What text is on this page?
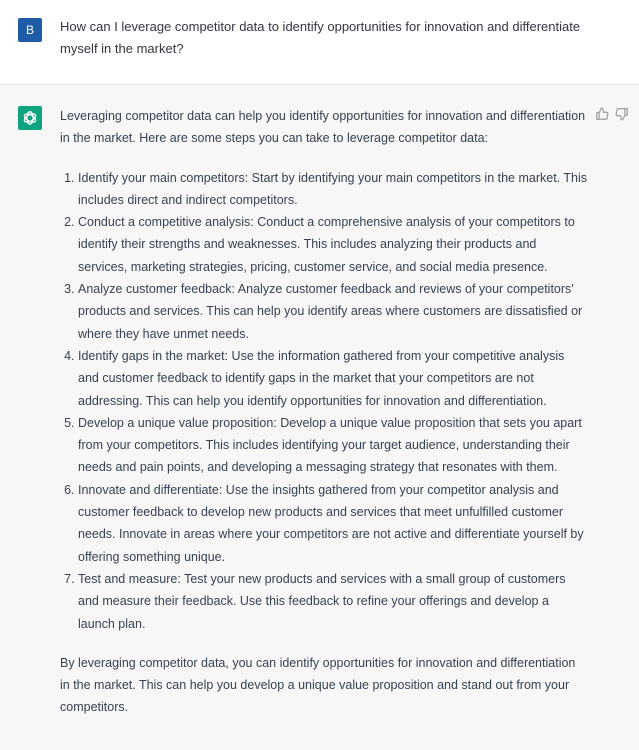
B	How can I leverage competitor data to identify opportunities for innovation and differentiate myself in the market?

Leveraging competitor data can help you identify opportunities for innovation and differentiation in the market. Here are some steps you can take to leverage competitor data:

1. Identify your main competitors: Start by identifying your main competitors in the market. This includes direct and indirect competitors.
2. Conduct a competitive analysis: Conduct a comprehensive analysis of your competitors to identify their strengths and weaknesses. This includes analyzing their products and services, marketing strategies, pricing, customer service, and social media presence.
3. Analyze customer feedback: Analyze customer feedback and reviews of your competitors' products and services. This can help you identify areas where customers are dissatisfied or where they have unmet needs.
4. Identify gaps in the market: Use the information gathered from your competitive analysis and customer feedback to identify gaps in the market that your competitors are not addressing. This can help you identify opportunities for innovation and differentiation.
5. Develop a unique value proposition: Develop a unique value proposition that sets you apart from your competitors. This includes identifying your target audience, understanding their needs and pain points, and developing a messaging strategy that resonates with them.
6. Innovate and differentiate: Use the insights gathered from your competitor analysis and customer feedback to develop new products and services that meet unfulfilled customer needs. Innovate in areas where your competitors are not active and differentiate yourself by offering something unique.
7. Test and measure: Test your new products and services with a small group of customers and measure their feedback. Use this feedback to refine your offerings and develop a launch plan.

By leveraging competitor data, you can identify opportunities for innovation and differentiation in the market. This can help you develop a unique value proposition and stand out from your competitors.
